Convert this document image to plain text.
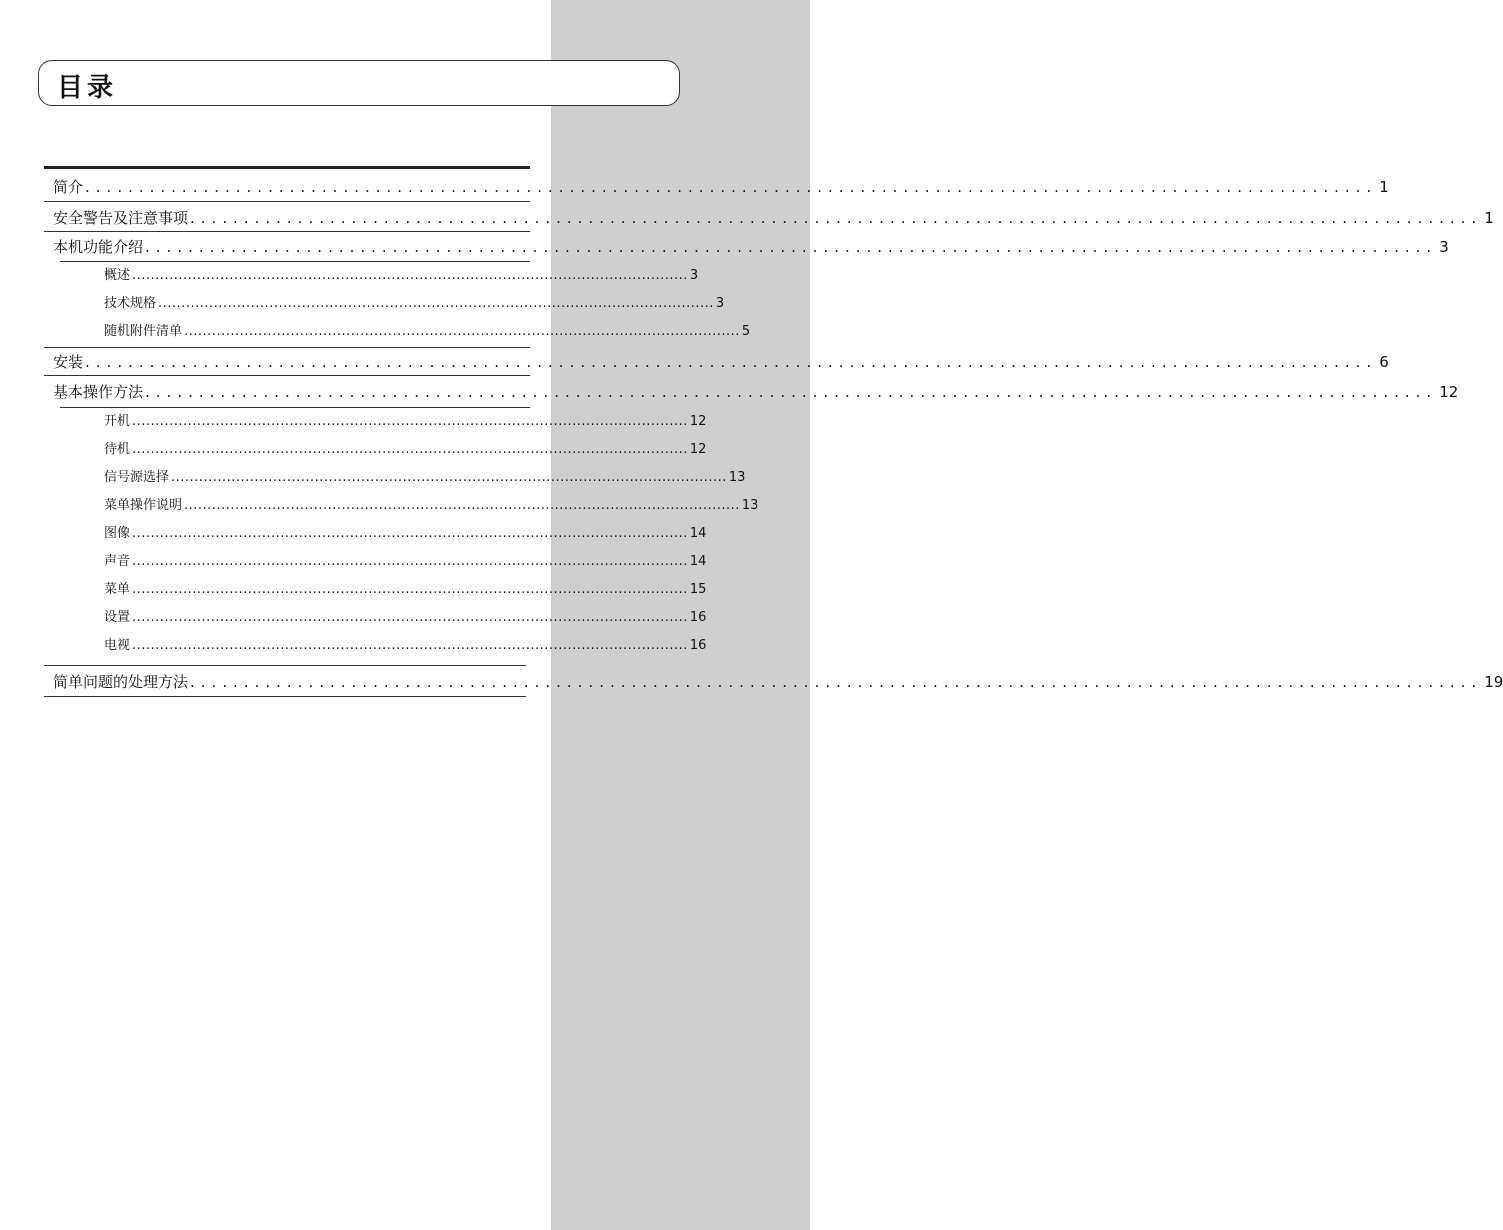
目录
简介 ........................................................................................................................ 1
安全警告及注意事项 ........................................................................................................................ 1
本机功能介绍 ........................................................................................................................ 3
概述 ........................................................................................................................ 3
技术规格 ........................................................................................................................ 3
随机附件清单 ........................................................................................................................ 5
安装 ........................................................................................................................ 6
基本操作方法 ........................................................................................................................ 12
开机 ........................................................................................................................ 12
待机 ........................................................................................................................ 12
信号源选择 ........................................................................................................................ 13
菜单操作说明 ........................................................................................................................ 13
图像 ........................................................................................................................ 14
声音 ........................................................................................................................ 14
菜单 ........................................................................................................................ 15
设置 ........................................................................................................................ 16
电视 ........................................................................................................................ 16
简单问题的处理方法 ........................................................................................................................ 19
